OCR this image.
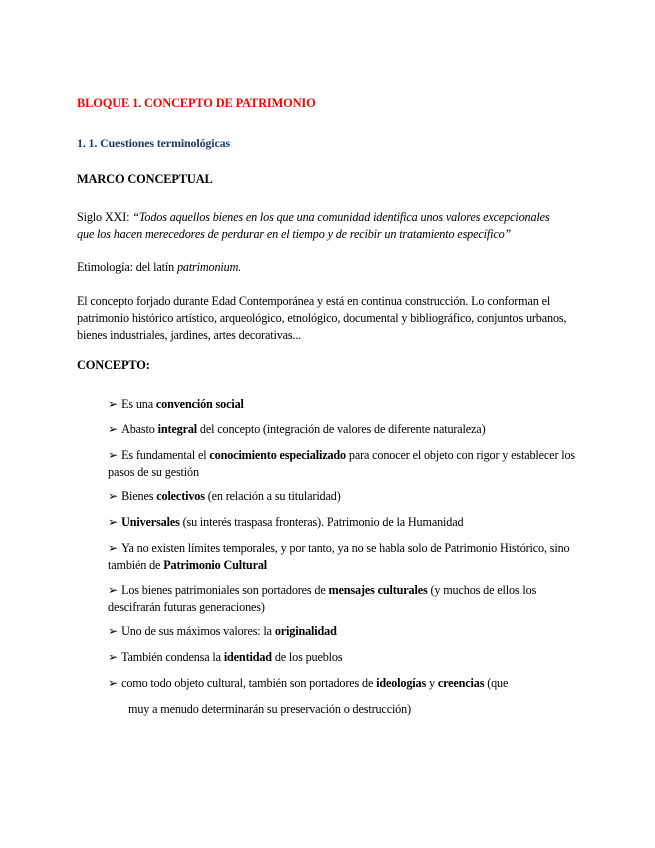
BLOQUE 1. CONCEPTO DE PATRIMONIO
1. 1. Cuestiones terminológicas
MARCO CONCEPTUAL
Siglo XXI: “Todos aquellos bienes en los que una comunidad identifica unos valores excepcionales
que los hacen merecedores de perdurar en el tiempo y de recibir un tratamiento específico”
Etimología: del latín patrimonium.
El concepto forjado durante Edad Contemporánea y está en continua construcción. Lo conforman el patrimonio histórico artístico, arqueológico, etnológico, documental y bibliográfico, conjuntos urbanos, bienes industriales, jardines, artes decorativas...
CONCEPTO:
➢ Es una convención social
➢ Abasto integral del concepto (integración de valores de diferente naturaleza)
➢ Es fundamental el conocimiento especializado para conocer el objeto con rigor y establecer los pasos de su gestión
➢ Bienes colectivos (en relación a su titularidad)
➢ Universales (su interés traspasa fronteras). Patrimonio de la Humanidad
➢ Ya no existen límites temporales, y por tanto, ya no se habla solo de Patrimonio Histórico, sino también de Patrimonio Cultural
➢ Los bienes patrimoniales son portadores de mensajes culturales (y muchos de ellos los descifrarán futuras generaciones)
➢ Uno de sus máximos valores: la originalidad
➢ También condensa la identidad de los pueblos
➢ como todo objeto cultural, también son portadores de ideologías y creencias (que
muy a menudo determinarán su preservación o destrucción)
